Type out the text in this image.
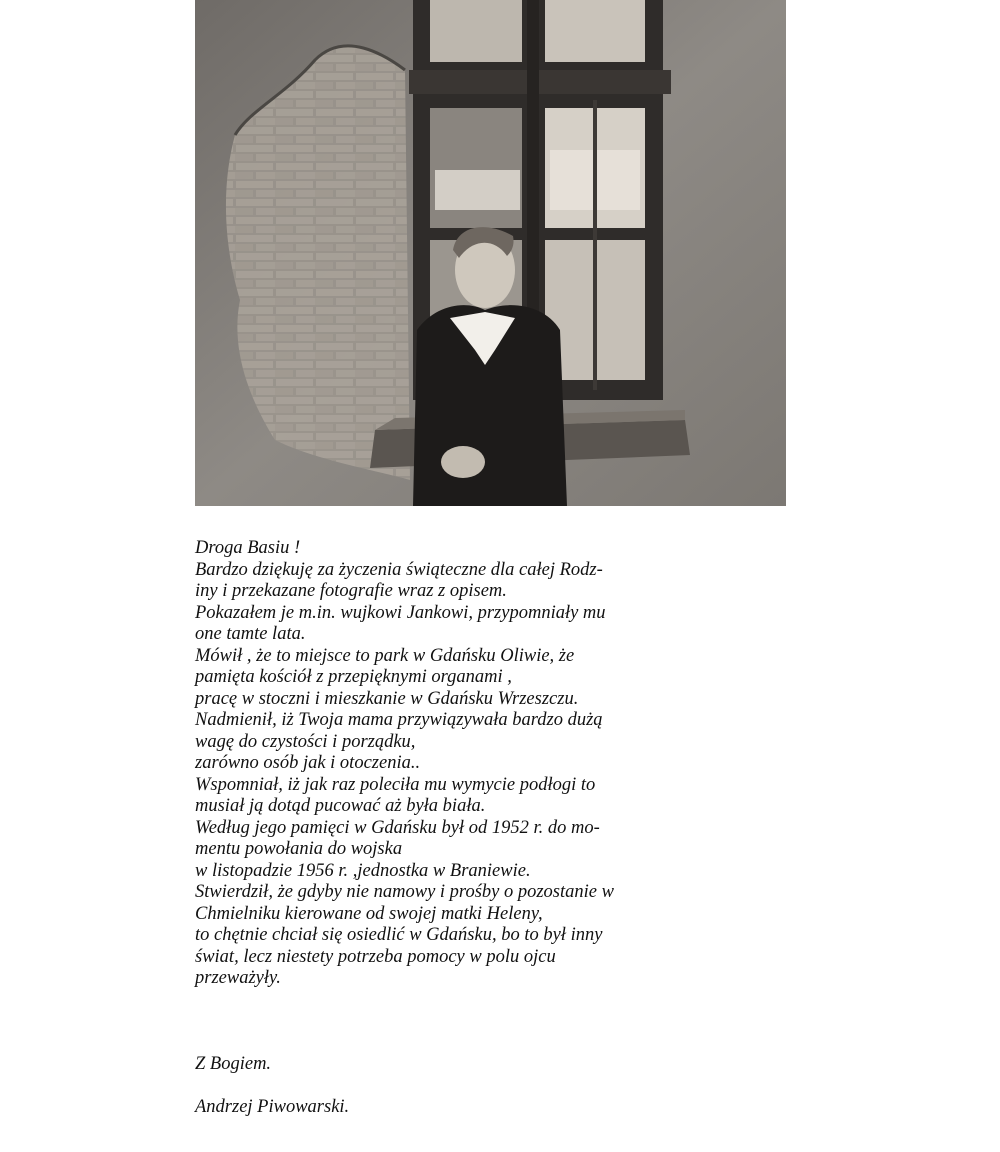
Droga Basiu !

Bardzo dziękuję za życzenia świąteczne dla całej Rodz-

iny i przekazane fotografie wraz z opisem.

Pokazałem je m.in. wujkowi Jankowi, przypomniały mu

one tamte lata.

Mówił , że to miejsce to park w Gdańsku Oliwie, że

pamięta kościół z przepięknymi organami ,

pracę w stoczni i mieszkanie w Gdańsku Wrzeszczu.

Nadmienił, iż Twoja mama przywiązywała bardzo dużą

wagę do czystości i porządku,

zarówno osób jak i otoczenia..

Wspomniał, iż jak raz poleciła mu wymycie podłogi to

musiał ją dotąd pucować aż była biała.

Według jego pamięci w Gdańsku był od 1952 r. do mo-

mentu powołania do wojska

w listopadzie 1956 r. ,jednostka w Braniewie.

Stwierdził, że gdyby nie namowy i prośby o pozostanie w

Chmielniku kierowane od swojej matki Heleny,

to chętnie chciał się osiedlić w Gdańsku, bo to był inny

świat, lecz niestety potrzeba pomocy w polu ojcu

przeważyły.

Z Bogiem.

Andrzej Piwowarski.
